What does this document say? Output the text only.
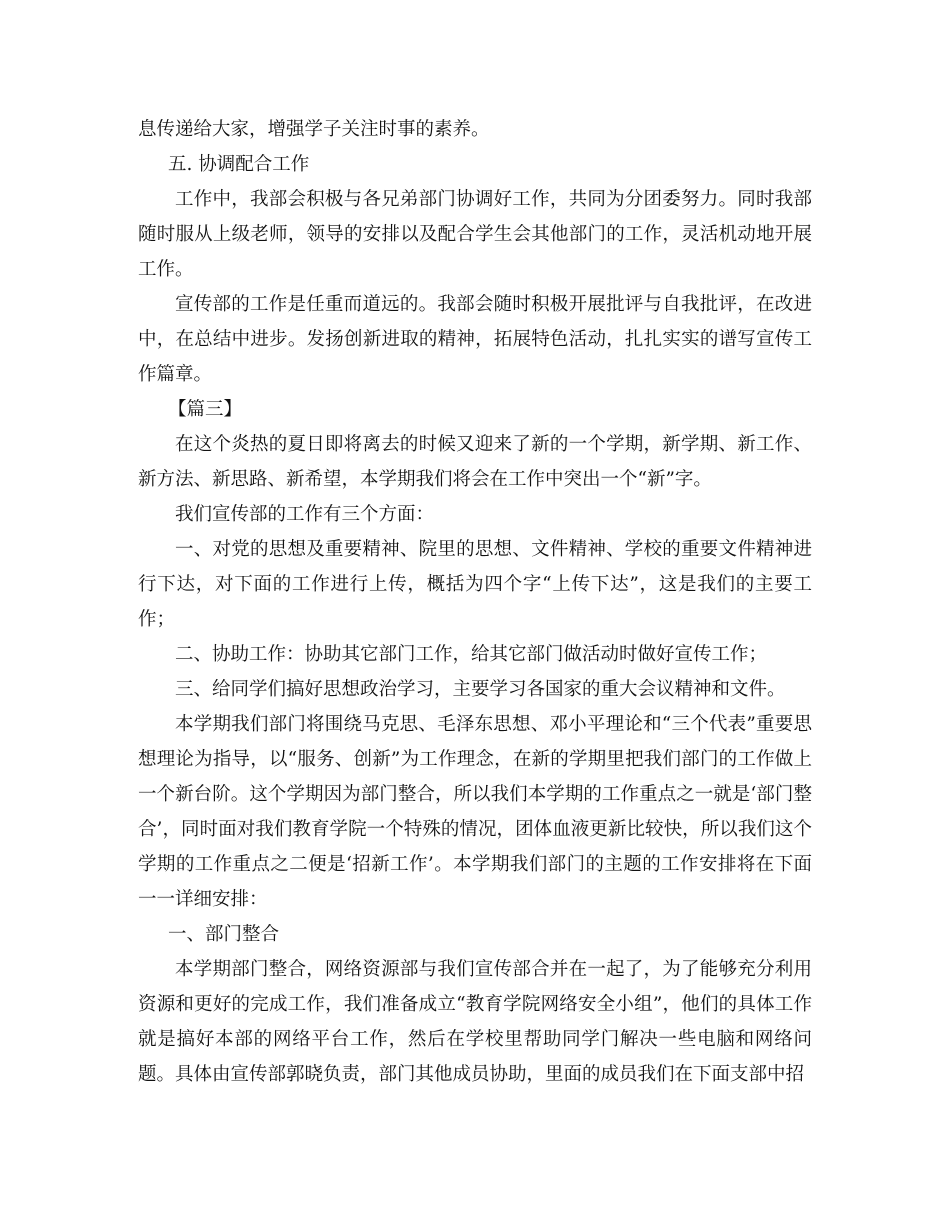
息传递给大家，增强学子关注时事的素养。

五. 协调配合工作

工作中，我部会积极与各兄弟部门协调好工作，共同为分团委努力。同时我部随时服从上级老师，领导的安排以及配合学生会其他部门的工作，灵活机动地开展工作。

宣传部的工作是任重而道远的。我部会随时积极开展批评与自我批评，在改进中，在总结中进步。发扬创新进取的精神，拓展特色活动，扎扎实实的谱写宣传工作篇章。

【篇三】

在这个炎热的夏日即将离去的时候又迎来了新的一个学期，新学期、新工作、新方法、新思路、新希望，本学期我们将会在工作中突出一个“新”字。

我们宣传部的工作有三个方面：

一、对党的思想及重要精神、院里的思想、文件精神、学校的重要文件精神进行下达，对下面的工作进行上传，概括为四个字“上传下达”，这是我们的主要工作；

二、协助工作：协助其它部门工作，给其它部门做活动时做好宣传工作；

三、给同学们搞好思想政治学习，主要学习各国家的重大会议精神和文件。

本学期我们部门将围绕马克思、毛泽东思想、邓小平理论和“三个代表”重要思想理论为指导，以“服务、创新”为工作理念，在新的学期里把我们部门的工作做上一个新台阶。这个学期因为部门整合，所以我们本学期的工作重点之一就是‘部门整合’，同时面对我们教育学院一个特殊的情况，团体血液更新比较快，所以我们这个学期的工作重点之二便是‘招新工作’。本学期我们部门的主题的工作安排将在下面一一详细安排：

一、部门整合

本学期部门整合，网络资源部与我们宣传部合并在一起了，为了能够充分利用资源和更好的完成工作，我们准备成立“教育学院网络安全小组”，他们的具体工作就是搞好本部的网络平台工作，然后在学校里帮助同学门解决一些电脑和网络问题。具体由宣传部郭晓负责，部门其他成员协助，里面的成员我们在下面支部中招
